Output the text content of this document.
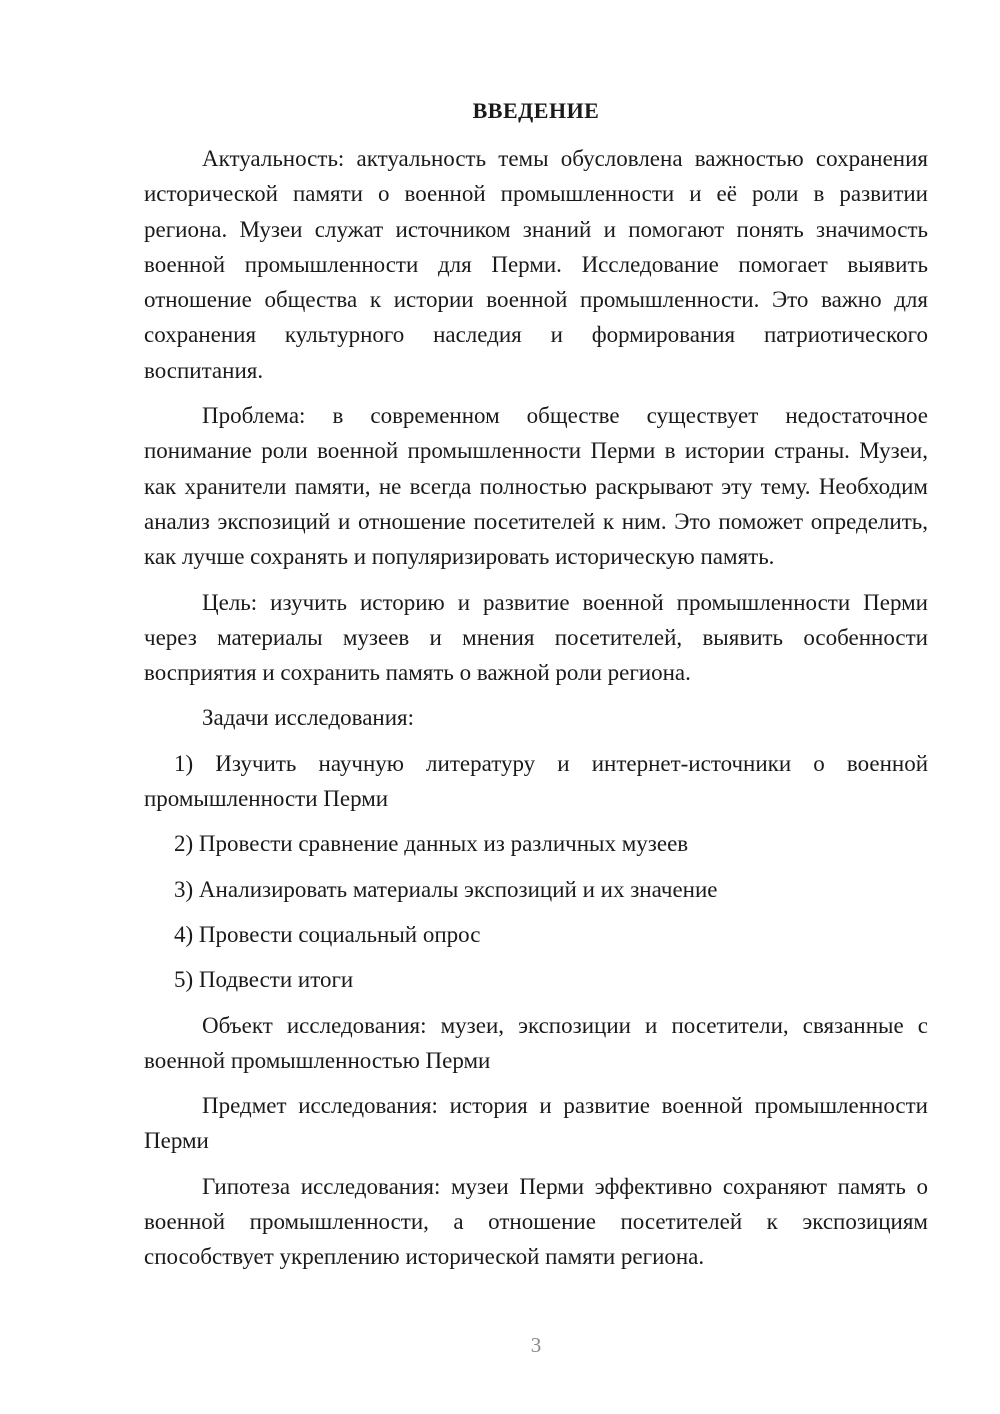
ВВЕДЕНИЕ

Актуальность: актуальность темы обусловлена важностью сохранения исторической памяти о военной промышленности и её роли в развитии региона. Музеи служат источником знаний и помогают понять значимость военной промышленности для Перми. Исследование помогает выявить отношение общества к истории военной промышленности. Это важно для сохранения культурного наследия и формирования патриотического воспитания.

Проблема: в современном обществе существует недостаточное понимание роли военной промышленности Перми в истории страны. Музеи, как хранители памяти, не всегда полностью раскрывают эту тему. Необходим анализ экспозиций и отношение посетителей к ним. Это поможет определить, как лучше сохранять и популяризировать историческую память.

Цель: изучить историю и развитие военной промышленности Перми через материалы музеев и мнения посетителей, выявить особенности восприятия и сохранить память о важной роли региона.

Задачи исследования:

1) Изучить научную литературу и интернет-источники о военной промышленности Перми

2) Провести сравнение данных из различных музеев

3) Анализировать материалы экспозиций и их значение

4) Провести социальный опрос

5) Подвести итоги

Объект исследования: музеи, экспозиции и посетители, связанные с военной промышленностью Перми

Предмет исследования: история и развитие военной промышленности Перми

Гипотеза исследования: музеи Перми эффективно сохраняют память о военной промышленности, а отношение посетителей к экспозициям способствует укреплению исторической памяти региона.

3
